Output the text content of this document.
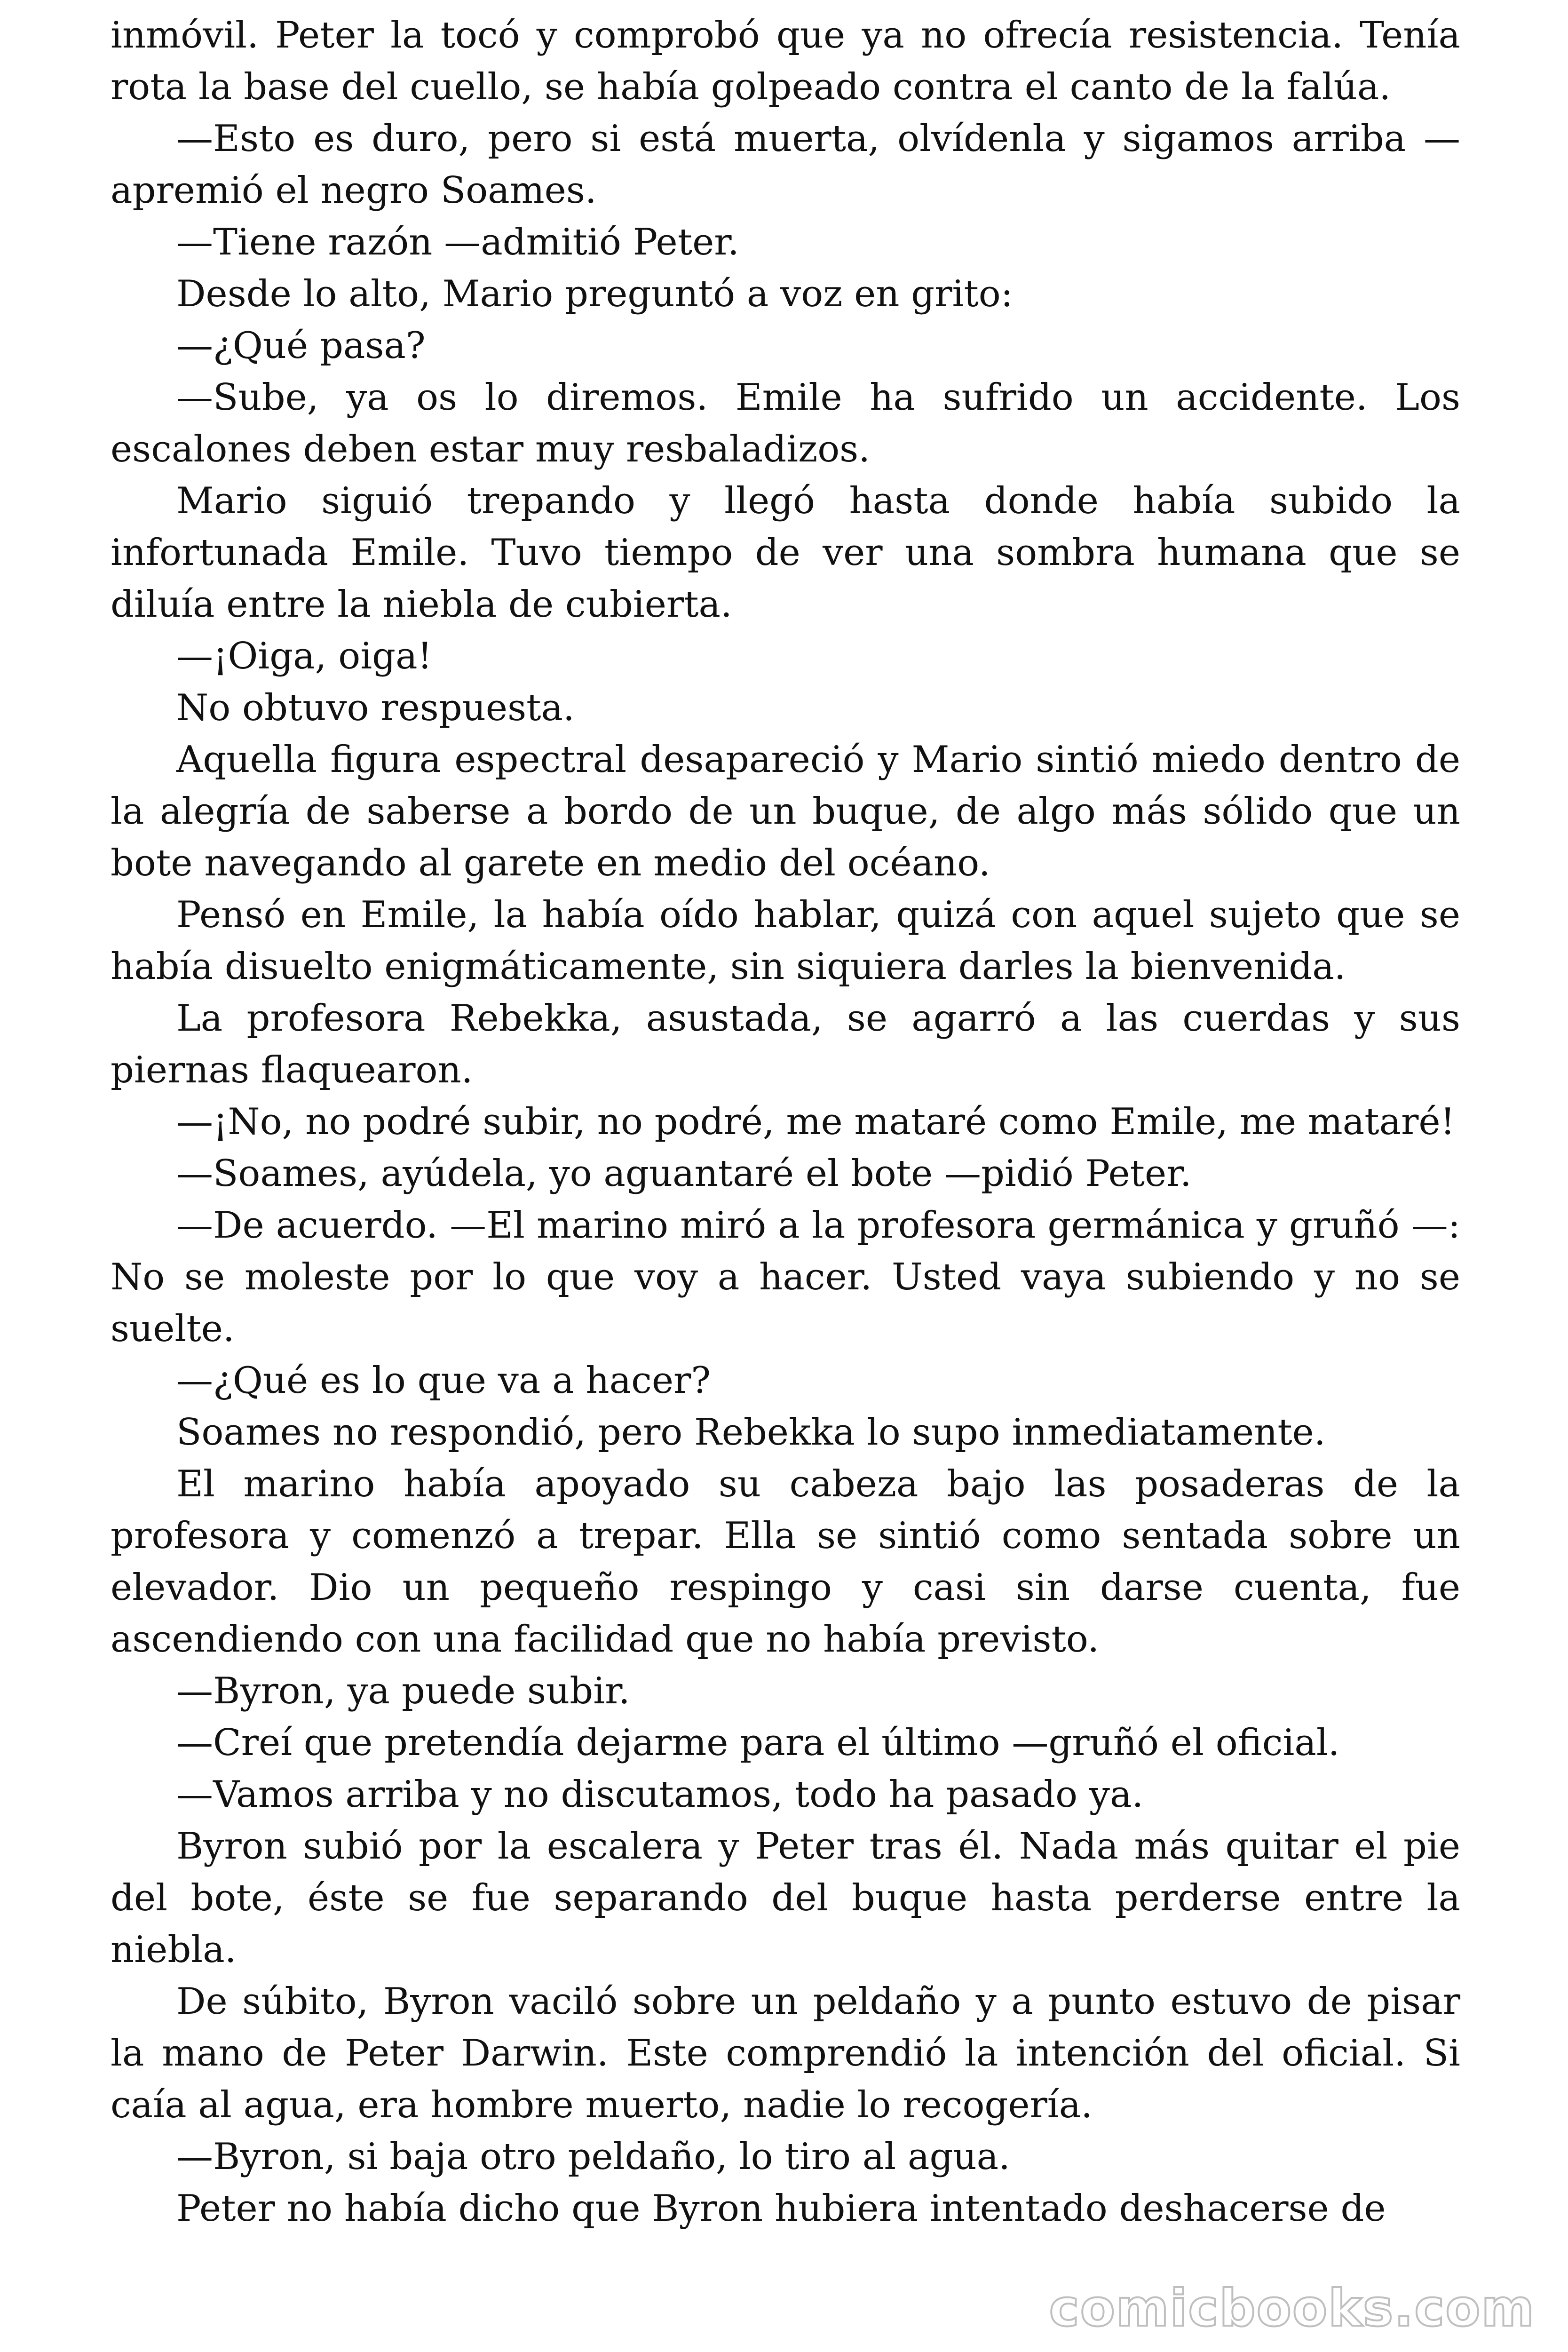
inmóvil. Peter la tocó y comprobó que ya no ofrecía resistencia. Tenía rota la base del cuello, se había golpeado contra el canto de la falúa.

—Esto es duro, pero si está muerta, olvídenla y sigamos arriba —apremió el negro Soames.

—Tiene razón —admitió Peter.

Desde lo alto, Mario preguntó a voz en grito:

—¿Qué pasa?

—Sube, ya os lo diremos. Emile ha sufrido un accidente. Los escalones deben estar muy resbaladizos.

Mario siguió trepando y llegó hasta donde había subido la infortunada Emile. Tuvo tiempo de ver una sombra humana que se diluía entre la niebla de cubierta.

—¡Oiga, oiga!

No obtuvo respuesta.

Aquella figura espectral desapareció y Mario sintió miedo dentro de la alegría de saberse a bordo de un buque, de algo más sólido que un bote navegando al garete en medio del océano.

Pensó en Emile, la había oído hablar, quizá con aquel sujeto que se había disuelto enigmáticamente, sin siquiera darles la bienvenida.

La profesora Rebekka, asustada, se agarró a las cuerdas y sus piernas flaquearon.

—¡No, no podré subir, no podré, me mataré como Emile, me mataré!

—Soames, ayúdela, yo aguantaré el bote —pidió Peter.

—De acuerdo. —El marino miró a la profesora germánica y gruñó —: No se moleste por lo que voy a hacer. Usted vaya subiendo y no se suelte.

—¿Qué es lo que va a hacer?

Soames no respondió, pero Rebekka lo supo inmediatamente.

El marino había apoyado su cabeza bajo las posaderas de la profesora y comenzó a trepar. Ella se sintió como sentada sobre un elevador. Dio un pequeño respingo y casi sin darse cuenta, fue ascendiendo con una facilidad que no había previsto.

—Byron, ya puede subir.

—Creí que pretendía dejarme para el último —gruñó el oficial.

—Vamos arriba y no discutamos, todo ha pasado ya.

Byron subió por la escalera y Peter tras él. Nada más quitar el pie del bote, éste se fue separando del buque hasta perderse entre la niebla.

De súbito, Byron vaciló sobre un peldaño y a punto estuvo de pisar la mano de Peter Darwin. Este comprendió la intención del oficial. Si caía al agua, era hombre muerto, nadie lo recogería.

—Byron, si baja otro peldaño, lo tiro al agua.

Peter no había dicho que Byron hubiera intentado deshacerse de

comicbooks.com
